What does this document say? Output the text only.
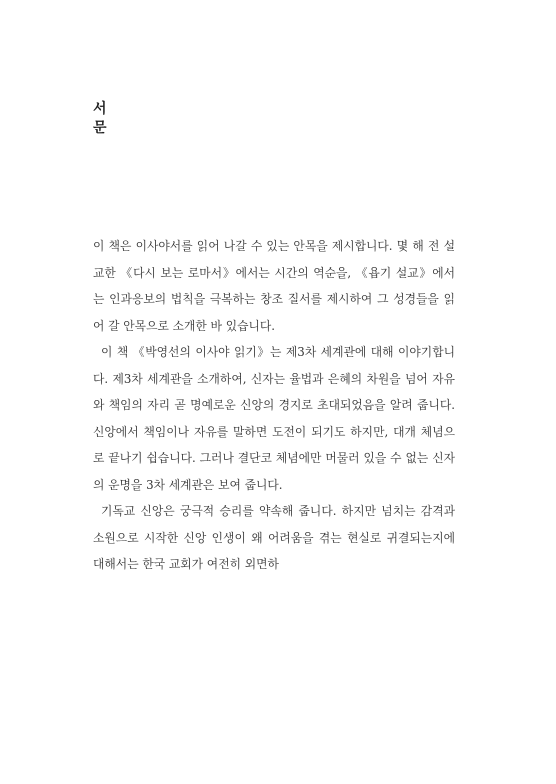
서
문

이 책은 이사야서를 읽어 나갈 수 있는 안목을 제시합니다. 몇 해 전 설교한 《다시 보는 로마서》에서는 시간의 역순을, 《욥기 설교》에서는 인과응보의 법칙을 극복하는 창조 질서를 제시하여 그 성경들을 읽어 갈 안목으로 소개한 바 있습니다.

이 책 《박영선의 이사야 읽기》는 제3차 세계관에 대해 이야기합니다. 제3차 세계관을 소개하여, 신자는 율법과 은혜의 차원을 넘어 자유와 책임의 자리 곧 명예로운 신앙의 경지로 초대되었음을 알려 줍니다. 신앙에서 책임이나 자유를 말하면 도전이 되기도 하지만, 대개 체념으로 끝나기 쉽습니다. 그러나 결단코 체념에만 머물러 있을 수 없는 신자의 운명을 3차 세계관은 보여 줍니다.

기독교 신앙은 궁극적 승리를 약속해 줍니다. 하지만 넘치는 감격과 소원으로 시작한 신앙 인생이 왜 어려움을 겪는 현실로 귀결되는지에 대해서는 한국 교회가 여전히 외면하
